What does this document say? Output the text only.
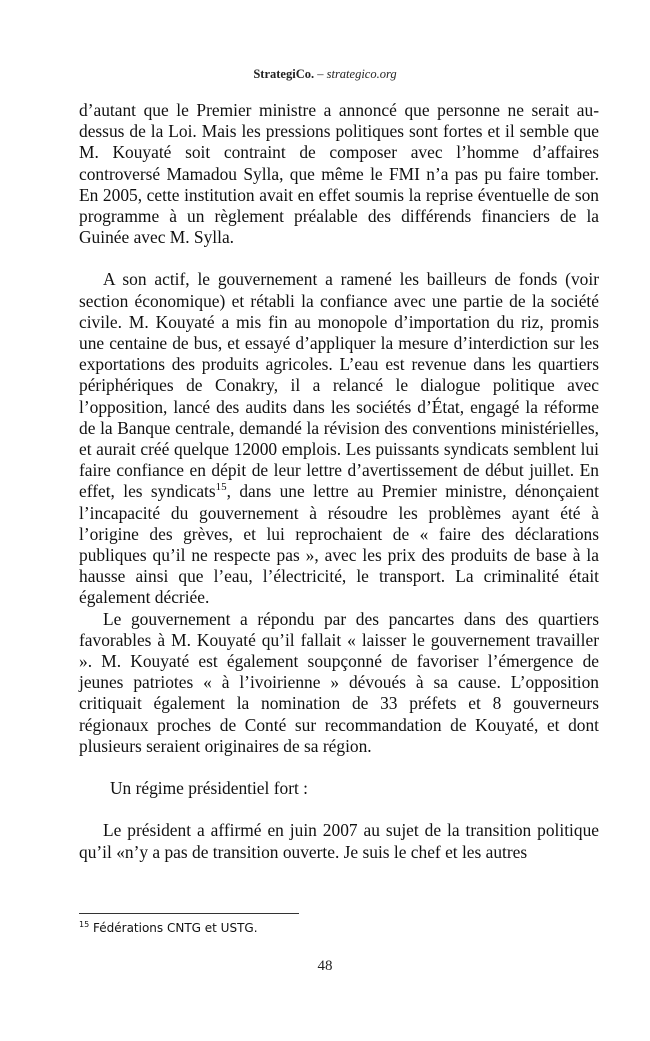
StrategiCo. – strategico.org

d’autant que le Premier ministre a annoncé que personne ne serait au-dessus de la Loi. Mais les pressions politiques sont fortes et il semble que M. Kouyaté soit contraint de composer avec l’homme d’affaires controversé Mamadou Sylla, que même le FMI n’a pas pu faire tomber. En 2005, cette institution avait en effet soumis la reprise éventuelle de son programme à un règlement préalable des différends financiers de la Guinée avec M. Sylla.

A son actif, le gouvernement a ramené les bailleurs de fonds (voir section économique) et rétabli la confiance avec une partie de la société civile. M. Kouyaté a mis fin au monopole d’importation du riz, promis une centaine de bus, et essayé d’appliquer la mesure d’interdiction sur les exportations des produits agricoles. L’eau est revenue dans les quartiers périphériques de Conakry, il a relancé le dialogue politique avec l’opposition, lancé des audits dans les sociétés d’État, engagé la réforme de la Banque centrale, demandé la révision des conventions ministérielles, et aurait créé quelque 12000 emplois. Les puissants syndicats semblent lui faire confiance en dépit de leur lettre d’avertissement de début juillet. En effet, les syndicats$^{15}$, dans une lettre au Premier ministre, dénonçaient l’incapacité du gouvernement à résoudre les problèmes ayant été à l’origine des grèves, et lui reprochaient de « faire des déclarations publiques qu’il ne respecte pas », avec les prix des produits de base à la hausse ainsi que l’eau, l’électricité, le transport. La criminalité était également décriée.

Le gouvernement a répondu par des pancartes dans des quartiers favorables à M. Kouyaté qu’il fallait « laisser le gouvernement travailler ». M. Kouyaté est également soupçonné de favoriser l’émergence de jeunes patriotes « à l’ivoirienne » dévoués à sa cause. L’opposition critiquait également la nomination de 33 préfets et 8 gouverneurs régionaux proches de Conté sur recommandation de Kouyaté, et dont plusieurs seraient originaires de sa région.

Un régime présidentiel fort :

Le président a affirmé en juin 2007 au sujet de la transition politique qu’il «n’y a pas de transition ouverte. Je suis le chef et les autres

$^{15}$ Fédérations CNTG et USTG.
48
